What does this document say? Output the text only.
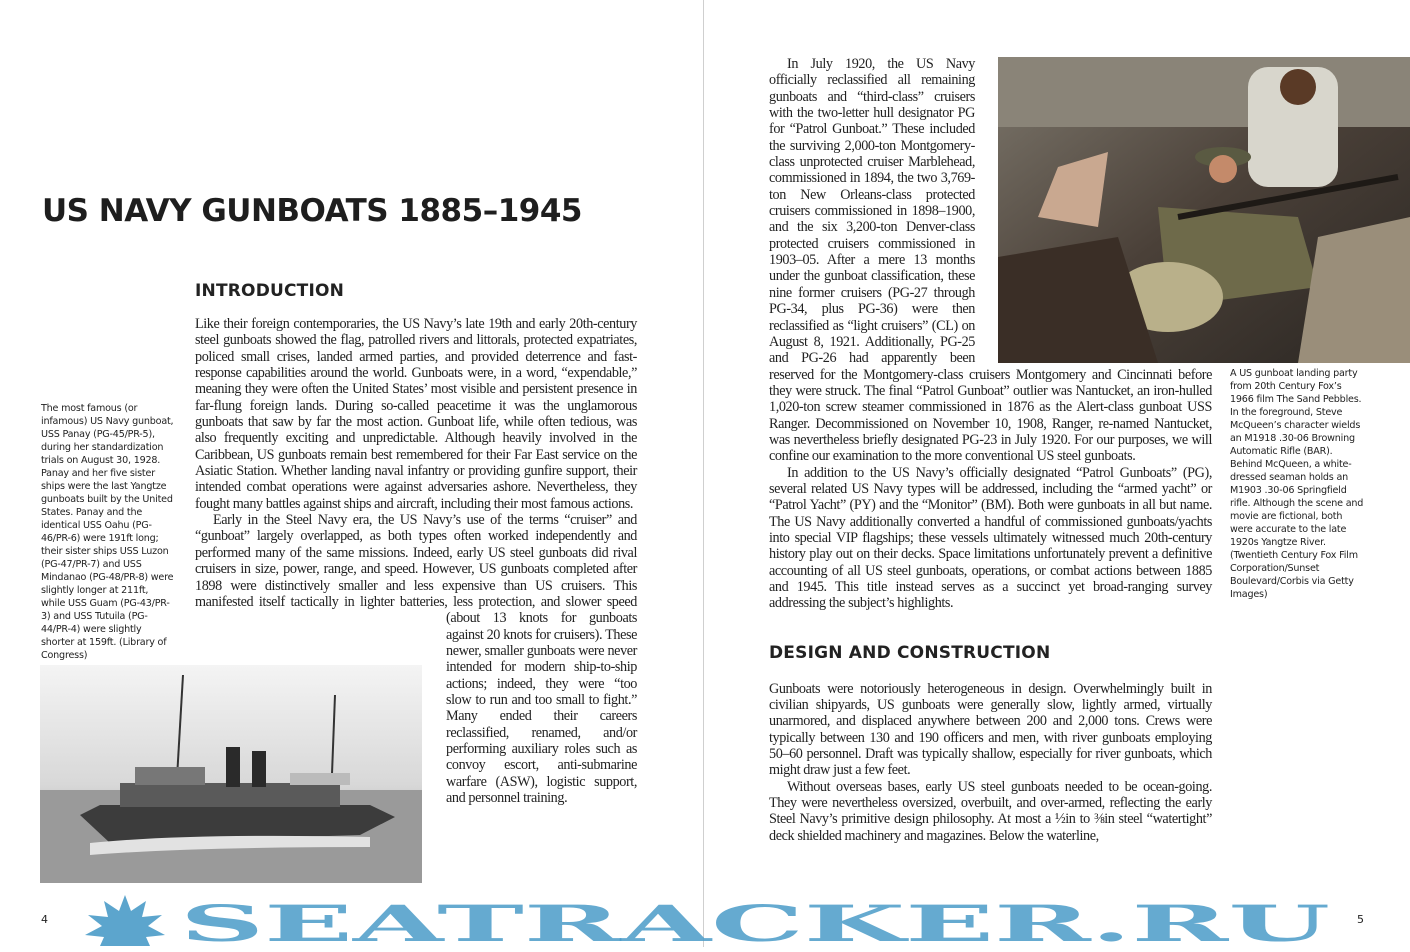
US NAVY GUNBOATS 1885–1945
INTRODUCTION

Like their foreign contemporaries, the US Navy’s late 19th and early 20th-century steel gunboats showed the flag, patrolled rivers and littorals, protected expatriates, policed small crises, landed armed parties, and provided deterrence and fast-response capabilities around the world. Gunboats were, in a word, “expendable,” meaning they were often the United States’ most visible and persistent presence in far-flung foreign lands. During so-called peacetime it was the unglamorous gunboats that saw by far the most action. Gunboat life, while often tedious, was also frequently exciting and unpredictable. Although heavily involved in the Caribbean, US gunboats remain best remembered for their Far East service on the Asiatic Station. Whether landing naval infantry or providing gunfire support, their intended combat operations were against adversaries ashore. Nevertheless, they fought many battles against ships and aircraft, including their most famous actions.

Early in the Steel Navy era, the US Navy’s use of the terms “cruiser” and “gunboat” largely overlapped, as both types often worked independently and performed many of the same missions. Indeed, early US steel gunboats did rival cruisers in size, power, range, and speed. However, US gunboats completed after 1898 were distinctively smaller and less expensive than US cruisers. This manifested itself tactically in lighter batteries, less protection, and slower speed (about 13 knots for gunboats against 20 knots for cruisers). These newer, smaller gunboats were never intended for modern ship-to-ship actions; indeed, they were “too slow to run and too small to fight.” Many ended their careers reclassified, renamed, and/or performing auxiliary roles such as convoy escort, anti-submarine warfare (ASW), logistic support, and personnel training.

The most famous (or infamous) US Navy gunboat, USS Panay (PG-45/PR-5), during her standardization trials on August 30, 1928. Panay and her five sister ships were the last Yangtze gunboats built by the United States. Panay and the identical USS Oahu (PG-46/PR-6) were 191ft long; their sister ships USS Luzon (PG-47/PR-7) and USS Mindanao (PG-48/PR-8) were slightly longer at 211ft, while USS Guam (PG-43/PR-3) and USS Tutuila (PG-44/PR-4) were slightly shorter at 159ft. (Library of Congress)
4

In July 1920, the US Navy officially reclassified all remaining gunboats and “third-class” cruisers with the two-letter hull designator PG for “Patrol Gunboat.” These included the surviving 2,000-ton Montgomery-class unprotected cruiser Marblehead, commissioned in 1894, the two 3,769-ton New Orleans-class protected cruisers commissioned in 1898–1900, and the six 3,200-ton Denver-class protected cruisers commissioned in 1903–05. After a mere 13 months under the gunboat classification, these nine former cruisers (PG-27 through PG-34, plus PG-36) were then reclassified as “light cruisers” (CL) on August 8, 1921. Additionally, PG-25 and PG-26 had apparently been reserved for the Montgomery-class cruisers Montgomery and Cincinnati before they were struck. The final “Patrol Gunboat” outlier was Nantucket, an iron-hulled 1,020-ton screw steamer commissioned in 1876 as the Alert-class gunboat USS Ranger. Decommissioned on November 10, 1908, Ranger, re-named Nantucket, was nevertheless briefly designated PG-23 in July 1920. For our purposes, we will confine our examination to the more conventional US steel gunboats.

In addition to the US Navy’s officially designated “Patrol Gunboats” (PG), several related US Navy types will be addressed, including the “armed yacht” or “Patrol Yacht” (PY) and the “Monitor” (BM). Both were gunboats in all but name. The US Navy additionally converted a handful of commissioned gunboats/yachts into special VIP flagships; these vessels ultimately witnessed much 20th-century history play out on their decks. Space limitations unfortunately prevent a definitive accounting of all US steel gunboats, operations, or combat actions between 1885 and 1945. This title instead serves as a succinct yet broad-ranging survey addressing the subject’s highlights.

DESIGN AND CONSTRUCTION

Gunboats were notoriously heterogeneous in design. Overwhelmingly built in civilian shipyards, US gunboats were generally slow, lightly armed, virtually unarmored, and displaced anywhere between 200 and 2,000 tons. Crews were typically between 130 and 190 officers and men, with river gunboats employing 50–60 personnel. Draft was typically shallow, especially for river gunboats, which might draw just a few feet.

Without overseas bases, early US steel gunboats needed to be ocean-going. They were nevertheless oversized, overbuilt, and over-armed, reflecting the early Steel Navy’s primitive design philosophy. At most a ½in to ⅜in steel “watertight” deck shielded machinery and magazines. Below the waterline,

A US gunboat landing party from 20th Century Fox’s 1966 film The Sand Pebbles. In the foreground, Steve McQueen’s character wields an M1918 .30-06 Browning Automatic Rifle (BAR). Behind McQueen, a white-dressed seaman holds an M1903 .30-06 Springfield rifle. Although the scene and movie are fictional, both were accurate to the late 1920s Yangtze River. (Twentieth Century Fox Film Corporation/Sunset Boulevard/Corbis via Getty Images)
5
SEATRACKER.RU
